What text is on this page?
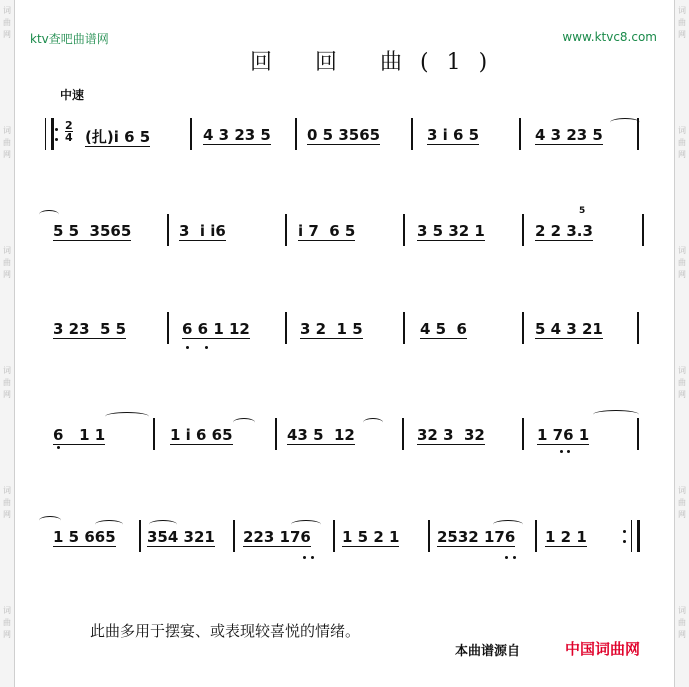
词
曲
网
词
曲
网
词
曲
网
词
曲
网
词
曲
网
词
曲
网
词
曲
网
词
曲
网
词
曲
网
词
曲
网
词
曲
网
词
曲
网
ktv查吧曲谱网	www.ktvc8.com
回 回 曲(1)
中速
2
4 (扎)i 6 5	4 3 23 5 0 5 3565	3 i 6 5	4 3 23 5
5 5  3565	3  i i6	i 7  6 5	3 5 32 1
5
2 2 3.3
3 23  5 5	6 6 1 12	3 2  1 5	4 5  6	5 4 3 21
6   1 1	1 i 6 65	43 5  12	32 3  32	1 76 1
1 5 665 354 321 223 176 1 5 2 1	2532 176 1 2 1
此曲多用于摆宴、或表现较喜悦的情绪。
本曲谱源自	中国词曲网
